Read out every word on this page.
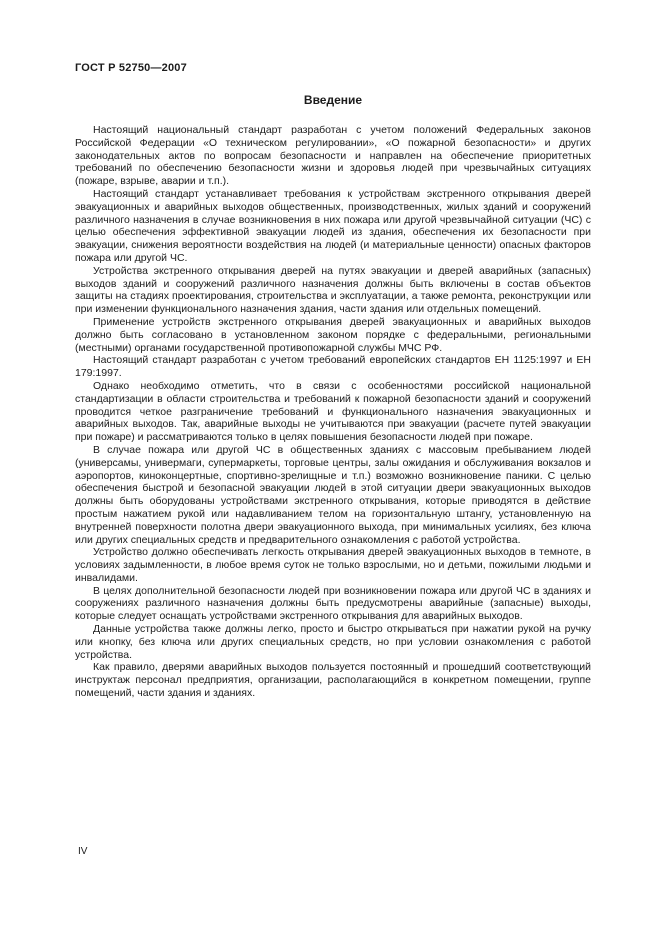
ГОСТ Р 52750—2007
Введение

Настоящий национальный стандарт разработан с учетом положений Федеральных законов Российской Федерации «О техническом регулировании», «О пожарной безопасности» и других законодательных актов по вопросам безопасности и направлен на обеспечение приоритетных требований по обеспечению безопасности жизни и здоровья людей при чрезвычайных ситуациях (пожаре, взрыве, аварии и т.п.).

Настоящий стандарт устанавливает требования к устройствам экстренного открывания дверей эвакуационных и аварийных выходов общественных, производственных, жилых зданий и сооружений различного назначения в случае возникновения в них пожара или другой чрезвычайной ситуации (ЧС) с целью обеспечения эффективной эвакуации людей из здания, обеспечения их безопасности при эвакуации, снижения вероятности воздействия на людей (и материальные ценности) опасных факторов пожара или другой ЧС.

Устройства экстренного открывания дверей на путях эвакуации и дверей аварийных (запасных) выходов зданий и сооружений различного назначения должны быть включены в состав объектов защиты на стадиях проектирования, строительства и эксплуатации, а также ремонта, реконструкции или при изменении функционального назначения здания, части здания или отдельных помещений.

Применение устройств экстренного открывания дверей эвакуационных и аварийных выходов должно быть согласовано в установленном законом порядке с федеральными, региональными (местными) органами государственной противопожарной службы МЧС РФ.

Настоящий стандарт разработан с учетом требований европейских стандартов ЕН 1125:1997 и ЕН 179:1997.

Однако необходимо отметить, что в связи с особенностями российской национальной стандартизации в области строительства и требований к пожарной безопасности зданий и сооружений проводится четкое разграничение требований и функционального назначения эвакуационных и аварийных выходов. Так, аварийные выходы не учитываются при эвакуации (расчете путей эвакуации при пожаре) и рассматриваются только в целях повышения безопасности людей при пожаре.

В случае пожара или другой ЧС в общественных зданиях с массовым пребыванием людей (универсамы, универмаги, супермаркеты, торговые центры, залы ожидания и обслуживания вокзалов и аэропортов, киноконцертные, спортивно-зрелищные и т.п.) возможно возникновение паники. С целью обеспечения быстрой и безопасной эвакуации людей в этой ситуации двери эвакуационных выходов должны быть оборудованы устройствами экстренного открывания, которые приводятся в действие простым нажатием рукой или надавливанием телом на горизонтальную штангу, установленную на внутренней поверхности полотна двери эвакуационного выхода, при минимальных усилиях, без ключа или других специальных средств и предварительного ознакомления с работой устройства.

Устройство должно обеспечивать легкость открывания дверей эвакуационных выходов в темноте, в условиях задымленности, в любое время суток не только взрослыми, но и детьми, пожилыми людьми и инвалидами.

В целях дополнительной безопасности людей при возникновении пожара или другой ЧС в зданиях и сооружениях различного назначения должны быть предусмотрены аварийные (запасные) выходы, которые следует оснащать устройствами экстренного открывания для аварийных выходов.

Данные устройства также должны легко, просто и быстро открываться при нажатии рукой на ручку или кнопку, без ключа или других специальных средств, но при условии ознакомления с работой устройства.

Как правило, дверями аварийных выходов пользуется постоянный и прошедший соответствующий инструктаж персонал предприятия, организации, располагающийся в конкретном помещении, группе помещений, части здания и зданиях.

IV
